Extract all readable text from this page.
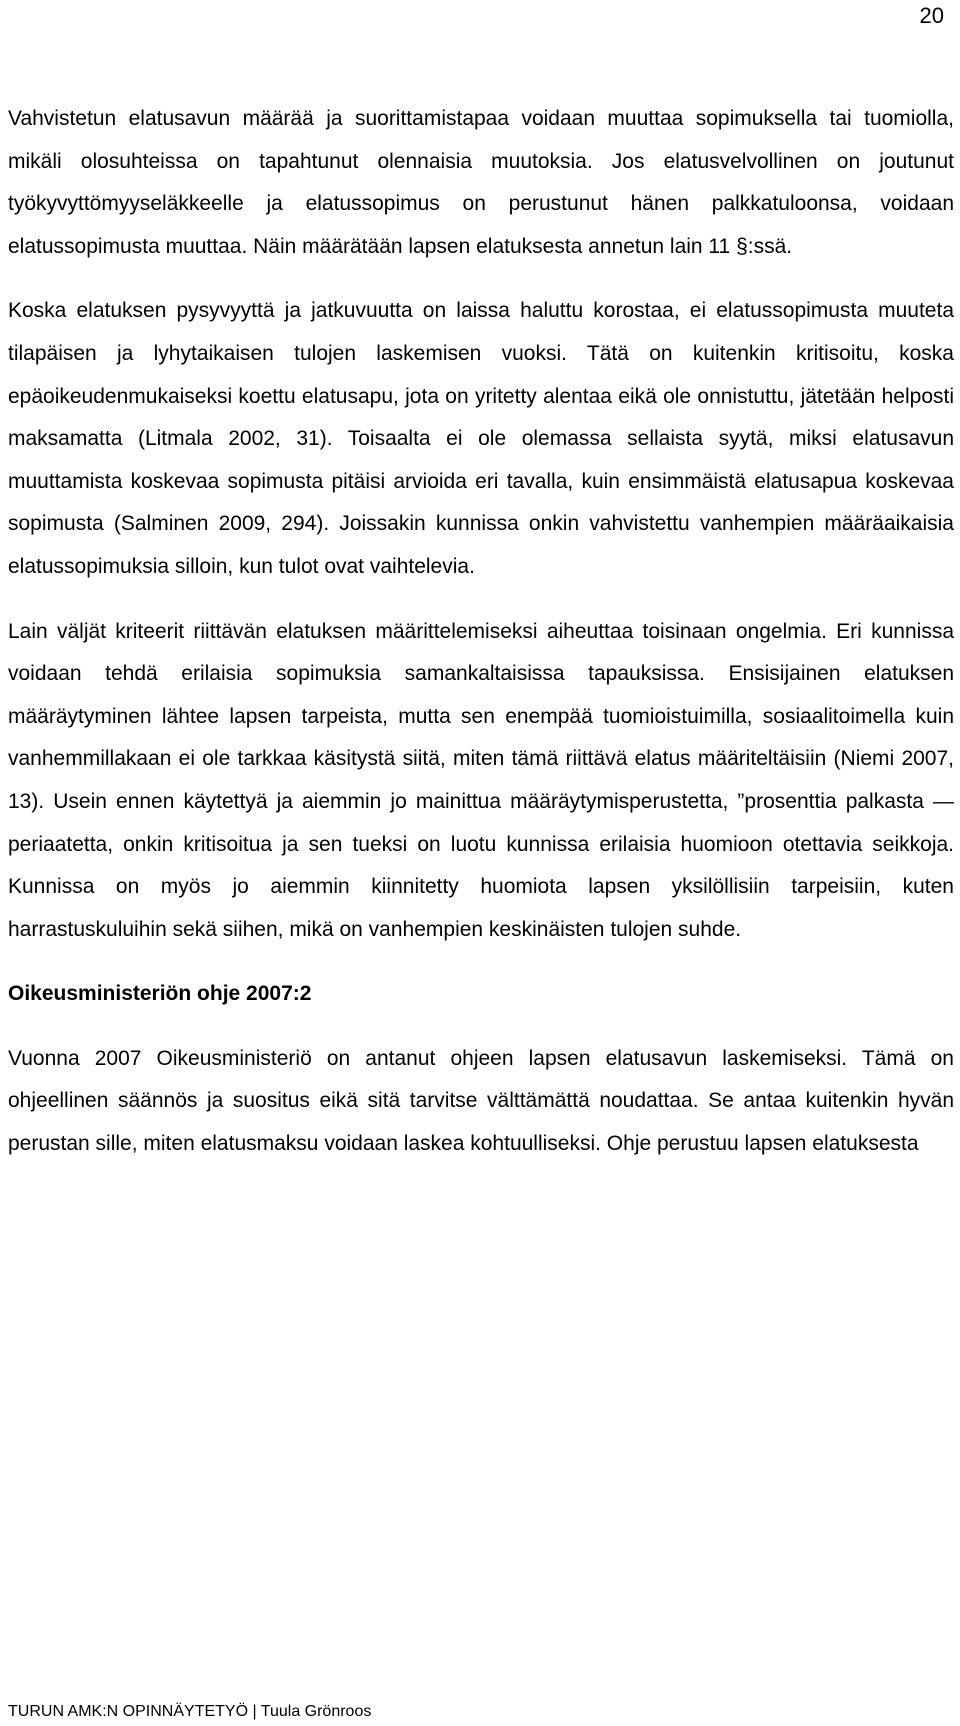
20

Vahvistetun elatusavun määrää ja suorittamistapaa voidaan muuttaa sopimuksella tai tuomiolla, mikäli olosuhteissa on tapahtunut olennaisia muutoksia. Jos elatusvelvollinen on joutunut työkyvyttömyyseläkkeelle ja elatussopimus on perustunut hänen palkkatuloonsa, voidaan elatussopimusta muuttaa. Näin määrätään lapsen elatuksesta annetun lain 11 §:ssä.

Koska elatuksen pysyvyyttä ja jatkuvuutta on laissa haluttu korostaa, ei elatussopimusta muuteta tilapäisen ja lyhytaikaisen tulojen laskemisen vuoksi. Tätä on kuitenkin kritisoitu, koska epäoikeudenmukaiseksi koettu elatusapu, jota on yritetty alentaa eikä ole onnistuttu, jätetään helposti maksamatta (Litmala 2002, 31). Toisaalta ei ole olemassa sellaista syytä, miksi elatusavun muuttamista koskevaa sopimusta pitäisi arvioida eri tavalla, kuin ensimmäistä elatusapua koskevaa sopimusta (Salminen 2009, 294). Joissakin kunnissa onkin vahvistettu vanhempien määräaikaisia elatussopimuksia silloin, kun tulot ovat vaihtelevia.

Lain väljät kriteerit riittävän elatuksen määrittelemiseksi aiheuttaa toisinaan ongelmia. Eri kunnissa voidaan tehdä erilaisia sopimuksia samankaltaisissa tapauksissa. Ensisijainen elatuksen määräytyminen lähtee lapsen tarpeista, mutta sen enempää tuomioistuimilla, sosiaalitoimella kuin vanhemmillakaan ei ole tarkkaa käsitystä siitä, miten tämä riittävä elatus määriteltäisiin (Niemi 2007, 13). Usein ennen käytettyä ja aiemmin jo mainittua määräytymisperustetta, ”prosenttia palkasta — periaatetta, onkin kritisoitua ja sen tueksi on luotu kunnissa erilaisia huomioon otettavia seikkoja. Kunnissa on myös jo aiemmin kiinnitetty huomiota lapsen yksilöllisiin tarpeisiin, kuten harrastuskuluihin sekä siihen, mikä on vanhempien keskinäisten tulojen suhde.

Oikeusministeriön ohje 2007:2

Vuonna 2007 Oikeusministeriö on antanut ohjeen lapsen elatusavun laskemiseksi. Tämä on ohjeellinen säännös ja suositus eikä sitä tarvitse välttämättä noudattaa. Se antaa kuitenkin hyvän perustan sille, miten elatusmaksu voidaan laskea kohtuulliseksi. Ohje perustuu lapsen elatuksesta

TURUN AMK:N OPINNÄYTETYÖ | Tuula Grönroos
